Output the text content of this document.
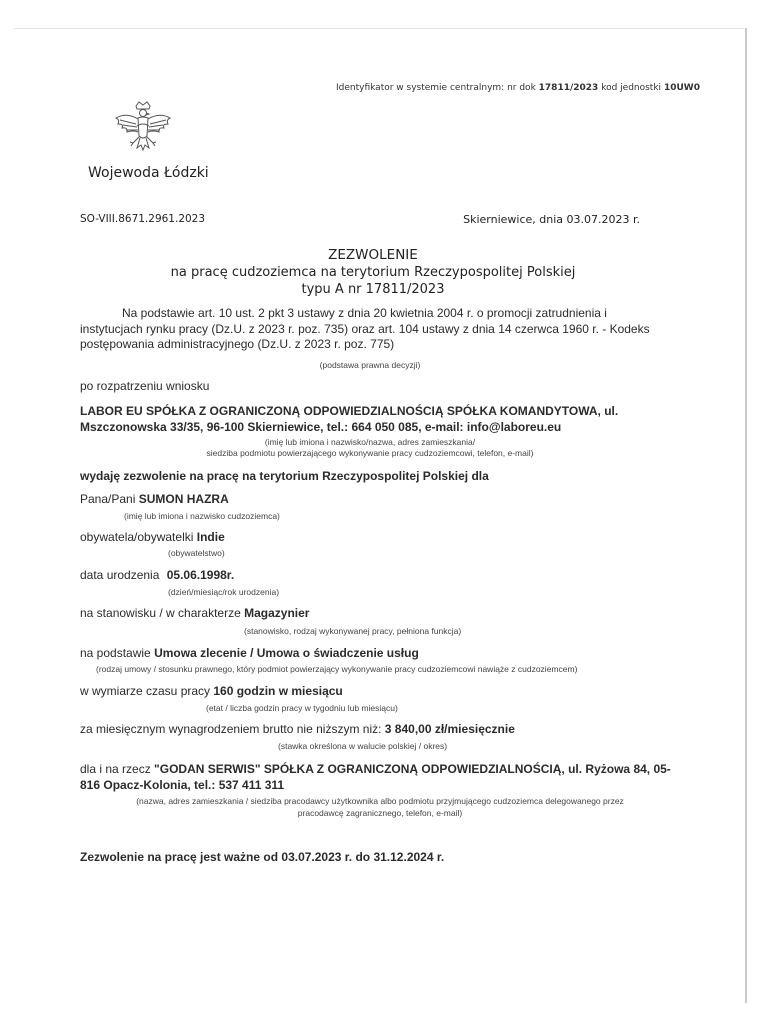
Identyfikator w systemie centralnym: nr dok 17811/2023 kod jednostki 10UW0
Wojewoda Łódzki
SO-VIII.8671.2961.2023	Skierniewice, dnia 03.07.2023 r.
ZEZWOLENIE
na pracę cudzoziemca na terytorium Rzeczypospolitej Polskiej
typu A nr 17811/2023
Na podstawie art. 10 ust. 2 pkt 3 ustawy z dnia 20 kwietnia 2004 r. o promocji zatrudnienia i instytucjach rynku pracy (Dz.U. z 2023 r. poz. 735) oraz art. 104 ustawy z dnia 14 czerwca 1960 r. - Kodeks postępowania administracyjnego (Dz.U. z 2023 r. poz. 775)
(podstawa prawna decyzji)
po rozpatrzeniu wniosku
LABOR EU SPÓŁKA Z OGRANICZONĄ ODPOWIEDZIALNOŚCIĄ SPÓŁKA KOMANDYTOWA, ul. Mszczonowska 33/35, 96-100 Skierniewice, tel.: 664 050 085, e-mail: info@laboreu.eu
(imię lub imiona i nazwisko/nazwa, adres zamieszkania/
siedziba podmiotu powierzającego wykonywanie pracy cudzoziemcowi, telefon, e-mail)
wydaję zezwolenie na pracę na terytorium Rzeczypospolitej Polskiej dla
Pana/Pani SUMON HAZRA
(imię lub imiona i nazwisko cudzoziemca)
obywatela/obywatelki Indie
(obywatelstwo)
data urodzenia 05.06.1998r.
(dzień/miesiąc/rok urodzenia)
na stanowisku / w charakterze Magazynier
(stanowisko, rodzaj wykonywanej pracy, pełniona funkcja)
na podstawie Umowa zlecenie / Umowa o świadczenie usług
(rodzaj umowy / stosunku prawnego, który podmiot powierzający wykonywanie pracy cudzoziemcowi nawiąże z cudzoziemcem)
w wymiarze czasu pracy 160 godzin w miesiącu
(etat / liczba godzin pracy w tygodniu lub miesiącu)
za miesięcznym wynagrodzeniem brutto nie niższym niż: 3 840,00 zł/miesięcznie
(stawka określona w walucie polskiej / okres)
dla i na rzecz "GODAN SERWIS" SPÓŁKA Z OGRANICZONĄ ODPOWIEDZIALNOŚCIĄ, ul. Ryżowa 84, 05-816 Opacz-Kolonia, tel.: 537 411 311
(nazwa, adres zamieszkania / siedziba pracodawcy użytkownika albo podmiotu przyjmującego cudzoziemca delegowanego przez
pracodawcę zagranicznego, telefon, e-mail)
Zezwolenie na pracę jest ważne od 03.07.2023 r. do 31.12.2024 r.
